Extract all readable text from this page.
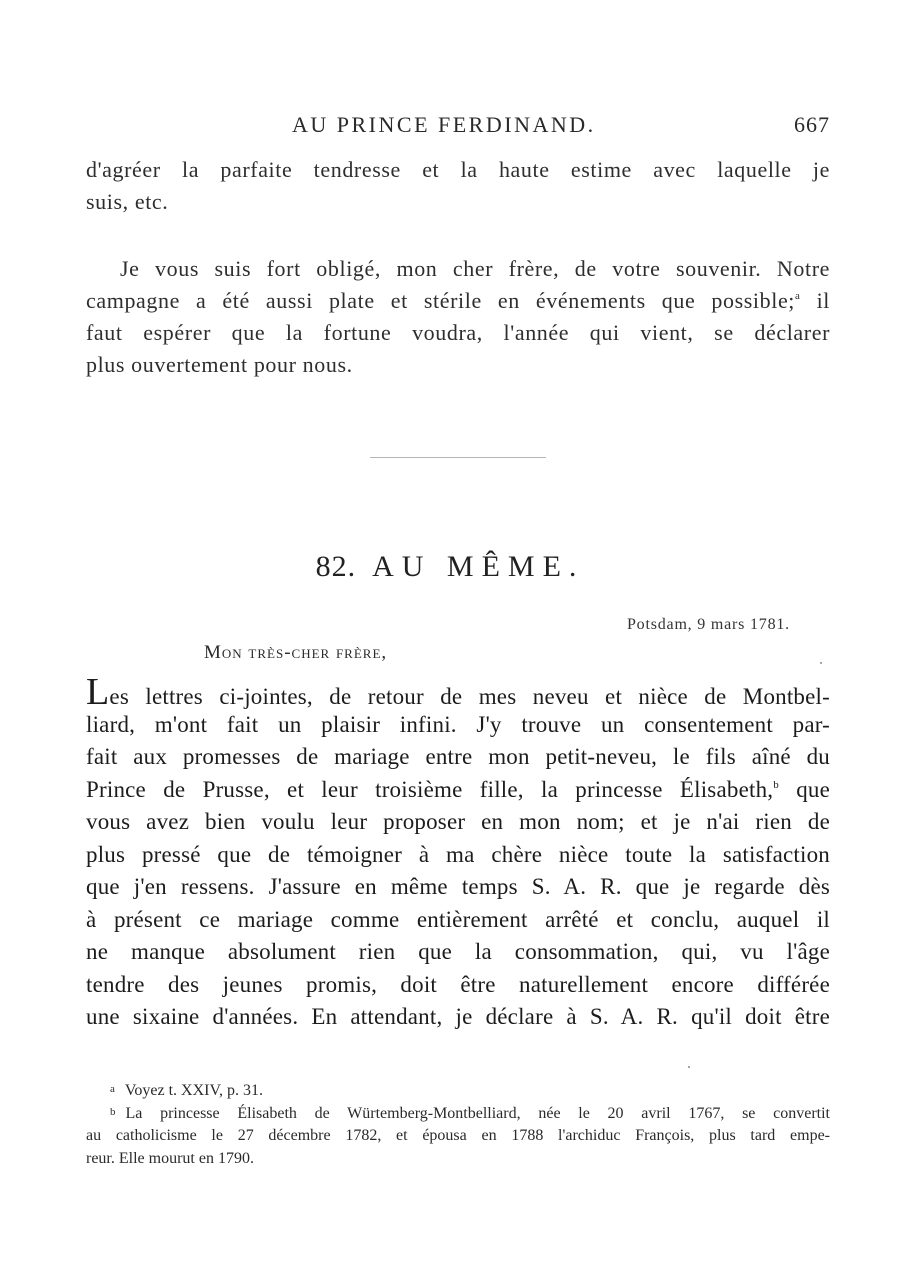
AU PRINCE FERDINAND.	667
d'agréer la parfaite tendresse et la haute estime avec laquelle je
suis, etc.
Je vous suis fort obligé, mon cher frère, de votre souvenir. Notre
campagne a été aussi plate et stérile en événements que possible;$^a$ il
faut espérer que la fortune voudra, l'année qui vient, se déclarer
plus ouvertement pour nous.
82. AU MÊME.
Potsdam, 9 mars 1781.
Mon très-cher frère,
Les lettres ci-jointes, de retour de mes neveu et nièce de Montbel-
liard, m'ont fait un plaisir infini. J'y trouve un consentement par-
fait aux promesses de mariage entre mon petit-neveu, le fils aîné du
Prince de Prusse, et leur troisième fille, la princesse Élisabeth,$^b$ que
vous avez bien voulu leur proposer en mon nom; et je n'ai rien de
plus pressé que de témoigner à ma chère nièce toute la satisfaction
que j'en ressens. J'assure en même temps S. A. R. que je regarde dès
à présent ce mariage comme entièrement arrêté et conclu, auquel il
ne manque absolument rien que la consommation, qui, vu l'âge
tendre des jeunes promis, doit être naturellement encore différée
une sixaine d'années. En attendant, je déclare à S. A. R. qu'il doit être
a Voyez t. XXIV, p. 31.
b La princesse Élisabeth de Würtemberg-Montbelliard, née le 20 avril 1767, se convertit
au catholicisme le 27 décembre 1782, et épousa en 1788 l'archiduc François, plus tard empe-
reur. Elle mourut en 1790.
